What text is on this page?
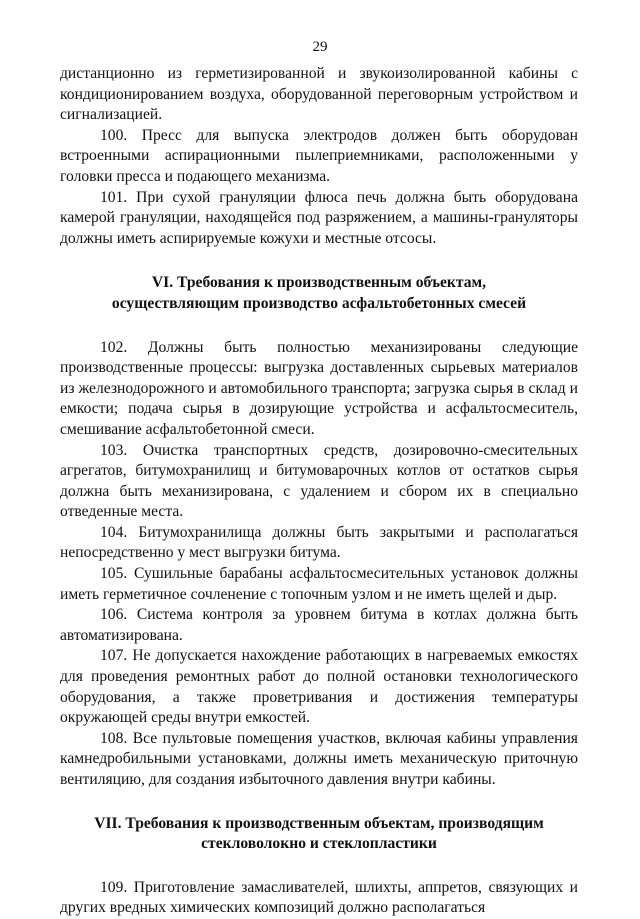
29

дистанционно из герметизированной и звукоизолированной кабины с кондиционированием воздуха, оборудованной переговорным устройством и сигнализацией.

100. Пресс для выпуска электродов должен быть оборудован встроенными аспирационными пылеприемниками, расположенными у головки пресса и подающего механизма.

101. При сухой грануляции флюса печь должна быть оборудована камерой грануляции, находящейся под разряжением, а машины-грануляторы должны иметь аспирируемые кожухи и местные отсосы.

VI. Требования к производственным объектам, осуществляющим производство асфальтобетонных смесей

102. Должны быть полностью механизированы следующие производственные процессы: выгрузка доставленных сырьевых материалов из железнодорожного и автомобильного транспорта; загрузка сырья в склад и емкости; подача сырья в дозирующие устройства и асфальтосмеситель, смешивание асфальтобетонной смеси.

103. Очистка транспортных средств, дозировочно-смесительных агрегатов, битумохранилищ и битумоварочных котлов от остатков сырья должна быть механизирована, с удалением и сбором их в специально отведенные места.

104. Битумохранилища должны быть закрытыми и располагаться непосредственно у мест выгрузки битума.

105. Сушильные барабаны асфальтосмесительных установок должны иметь герметичное сочленение с топочным узлом и не иметь щелей и дыр.

106. Система контроля за уровнем битума в котлах должна быть автоматизирована.

107. Не допускается нахождение работающих в нагреваемых емкостях для проведения ремонтных работ до полной остановки технологического оборудования, а также проветривания и достижения температуры окружающей среды внутри емкостей.

108. Все пультовые помещения участков, включая кабины управления камнедробильными установками, должны иметь механическую приточную вентиляцию, для создания избыточного давления внутри кабины.

VII. Требования к производственным объектам, производящим стекловолокно и стеклопластики

109. Приготовление замасливателей, шлихты, аппретов, связующих и других вредных химических композиций должно располагаться
